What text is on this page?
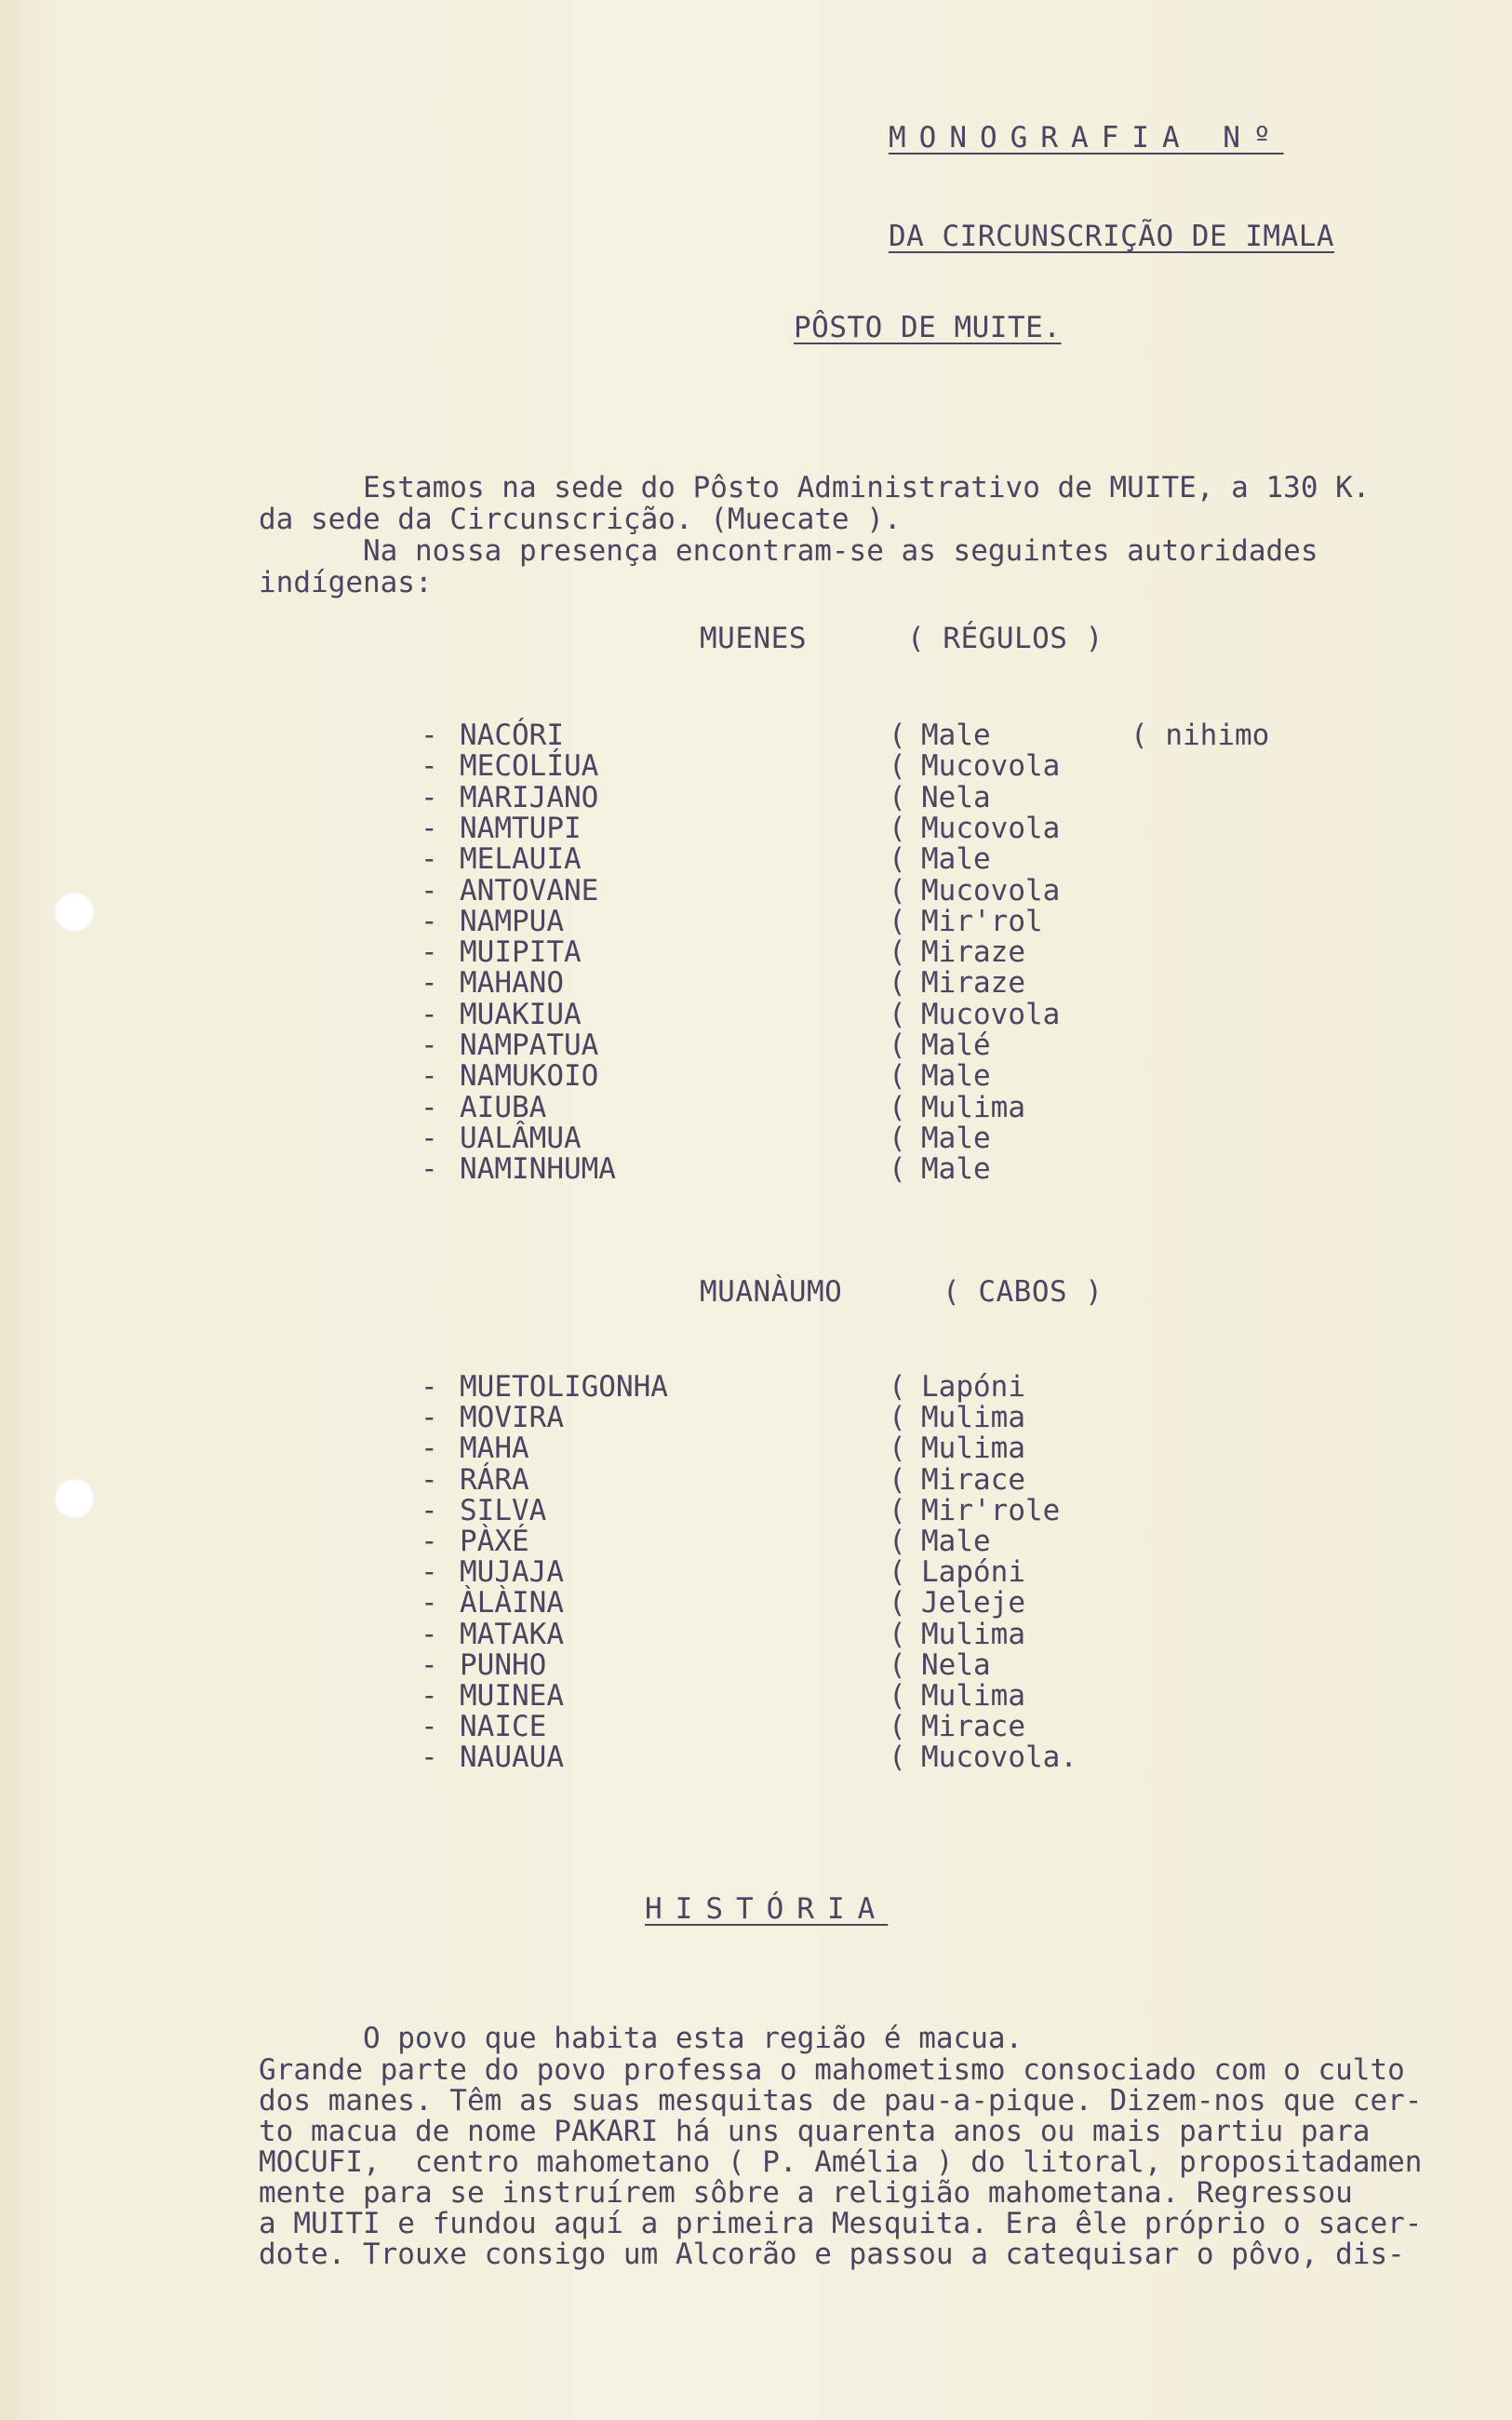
MONOGRAFIA Nº
DA CIRCUNSCRIÇÃO DE IMALA
PÔSTO DE MUITE.
Estamos na sede do Pôsto Administrativo de MUITE, a 130 K.
da sede da Circunscrição. (Muecate ).
Na nossa presença encontram-se as seguintes autoridades
indígenas:
MUENES	( RÉGULOS )
- NACÓRI	( Male	( nihimo
- MECOLÍUA	( Mucovola
- MARIJANO	( Nela
- NAMTUPI	( Mucovola
- MELAUIA	( Male
- ANTOVANE	( Mucovola
- NAMPUA	( Mir'rol
- MUIPITA	( Miraze
- MAHANO	( Miraze
- MUAKIUA	( Mucovola
- NAMPATUA	( Malé
- NAMUKOIO	( Male
- AIUBA	( Mulima
- UALÂMUA	( Male
- NAMINHUMA	( Male
MUANÀUMO	( CABOS )
- MUETOLIGONHA	( Lapóni
- MOVIRA	( Mulima
- MAHA	( Mulima
- RÁRA	( Mirace
- SILVA	( Mir'role
- PÀXÉ	( Male
- MUJAJA	( Lapóni
- ÀLÀINA	( Jeleje
- MATAKA	( Mulima
- PUNHO	( Nela
- MUINEA	( Mulima
- NAICE	( Mirace
- NAUAUA	( Mucovola.
HISTÓRIA
O povo que habita esta região é macua.
Grande parte do povo professa o mahometismo consociado com o culto
dos manes. Têm as suas mesquitas de pau-a-pique. Dizem-nos que cer-
to macua de nome PAKARI há uns quarenta anos ou mais partiu para
MOCUFI,  centro mahometano ( P. Amélia ) do litoral, propositadamen
mente para se instruírem sôbre a religião mahometana. Regressou
a MUITI e fundou aquí a primeira Mesquita. Era êle próprio o sacer-
dote. Trouxe consigo um Alcorão e passou a catequisar o pôvo, dis-
